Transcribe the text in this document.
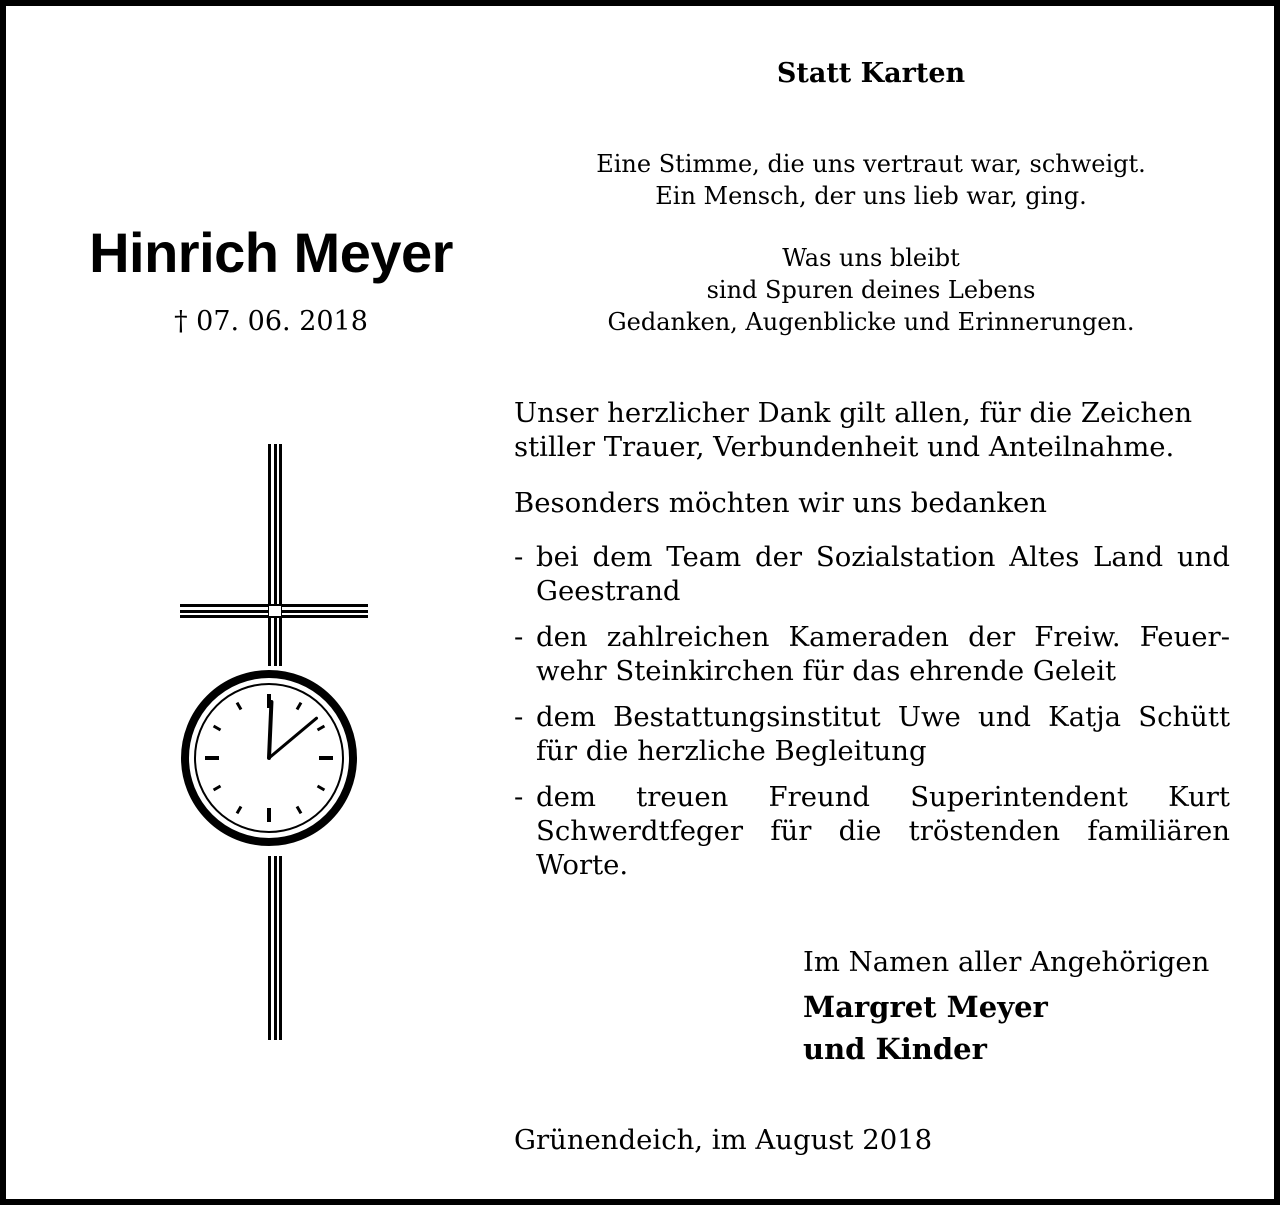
Statt Karten
Eine Stimme, die uns vertraut war, schweigt.
Ein Mensch, der uns lieb war, ging.
Was uns bleibt
sind Spuren deines Lebens
Gedanken, Augenblicke und Erinnerungen.
Hinrich Meyer
† 07. 06. 2018

Unser herzlicher Dank gilt allen, für die Zeichen stiller Trauer, Verbundenheit und Anteilnahme.

Besonders möchten wir uns bedanken

- bei dem Team der Sozialstation Altes Land und Geestrand
- den zahlreichen Kameraden der Freiw. Feuerwehr Steinkirchen für das ehrende Geleit
- dem Bestattungsinstitut Uwe und Katja Schütt für die herzliche Begleitung
- dem treuen Freund Superintendent Kurt Schwerdtfeger für die tröstenden familiären Worte.
Im Namen aller Angehörigen
Margret Meyer
und Kinder
Grünendeich, im August 2018
